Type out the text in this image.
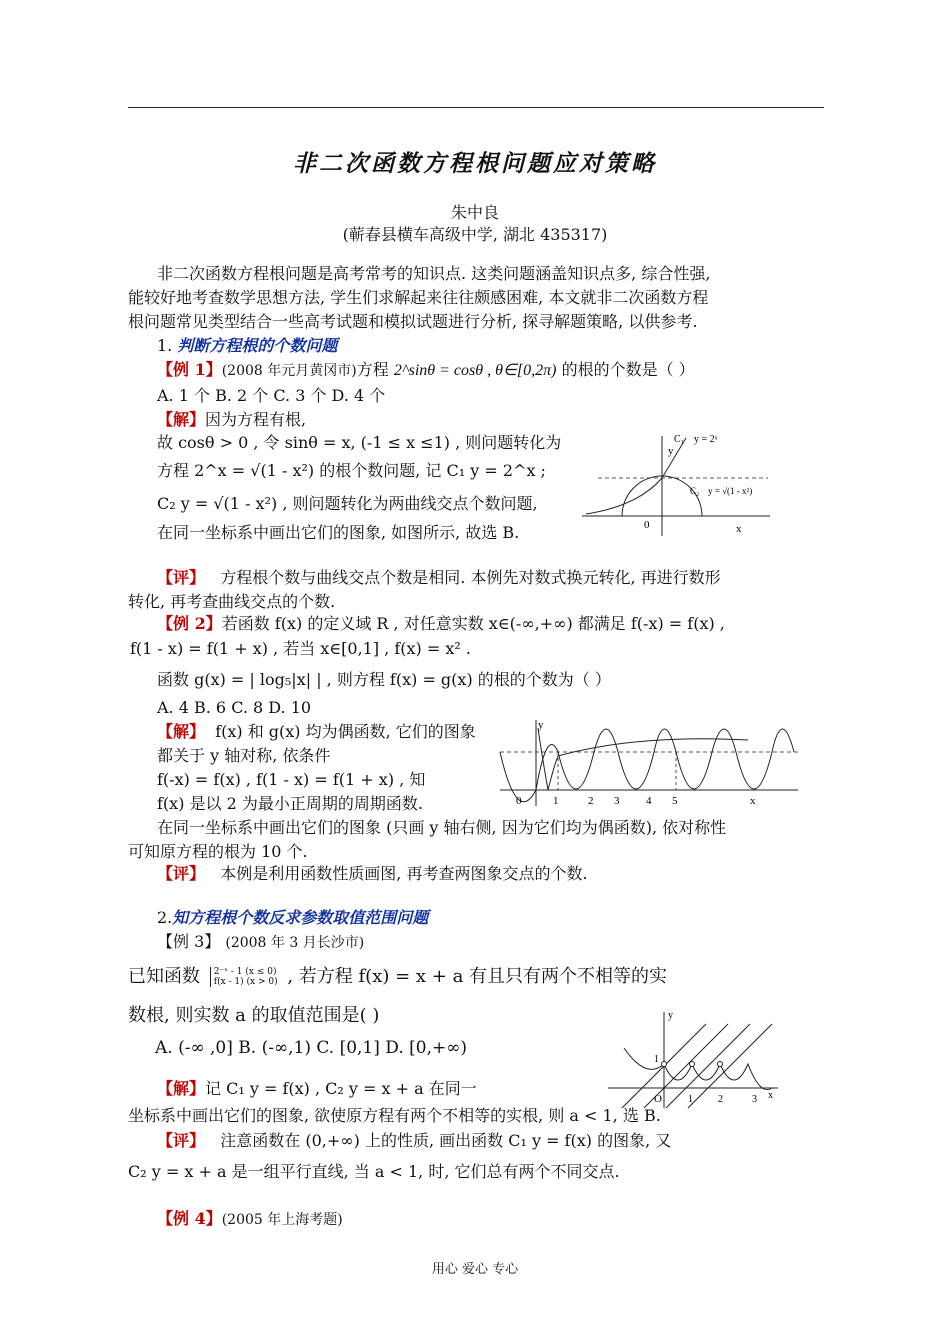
非二次函数方程根问题应对策略
朱中良
(蕲春县横车高级中学, 湖北 435317)
非二次函数方程根问题是高考常考的知识点. 这类问题涵盖知识点多, 综合性强,
能较好地考查数学思想方法, 学生们求解起来往往颇感困难, 本文就非二次函数方程
根问题常见类型结合一些高考试题和模拟试题进行分析, 探寻解题策略, 以供参考.
1. 判断方程根的个数问题
【例 1】(2008 年元月黄冈市)方程 2^sinθ = cosθ , θ∈[0,2π) 的根的个数是（ ）
A. 1 个 B. 2 个 C. 3 个 D. 4 个
【解】因为方程有根,
故 cosθ > 0 , 令 sinθ = x, (-1 ≤ x ≤1) , 则问题转化为
方程 2^x = √(1 - x²) 的根个数问题, 记 C₁ y = 2^x ;
C₂ y = √(1 - x²) , 则问题转化为两曲线交点个数问题,
在同一坐标系中画出它们的图象, 如图所示, 故选 B.
C₁ y = 2ˣ
y
C₂ y = √(1 - x²)
0	x
【评】 方程根个数与曲线交点个数是相同. 本例先对数式换元转化, 再进行数形
转化, 再考查曲线交点的个数.
【例 2】若函数 f(x) 的定义域 R , 对任意实数 x∈(-∞,+∞) 都满足 f(-x) = f(x) ,
f(1 - x) = f(1 + x) , 若当 x∈[0,1] , f(x) = x² .
函数 g(x) = | log₅|x| | , 则方程 f(x) = g(x) 的根的个数为（ ）
A. 4 B. 6 C. 8 D. 10
【解】 f(x) 和 g(x) 均为偶函数, 它们的图象
都关于 y 轴对称, 依条件
f(-x) = f(x) , f(1 - x) = f(1 + x) , 知
f(x) 是以 2 为最小正周期的周期函数.
在同一坐标系中画出它们的图象 (只画 y 轴右侧, 因为它们均为偶函数), 依对称性
可知原方程的根为 10 个.
y
0	1	2 3 4 5	x
【评】 本例是利用函数性质画图, 再考查两图象交点的个数.
2.知方程根个数反求参数取值范围问题
【例 3】 (2008 年 3 月长沙市)
已知函数 2⁻ˣ - 1 (x ≤ 0)
f(x - 1) (x > 0) , 若方程 f(x) = x + a 有且只有两个不相等的实
数根, 则实数 a 的取值范围是( )
A. (-∞ ,0] B. (-∞,1) C. [0,1] D. [0,+∞)
【解】记 C₁ y = f(x) , C₂ y = x + a 在同一
坐标系中画出它们的图象, 欲使原方程有两个不相等的实根, 则 a < 1, 选 B.
y
1
O	1	2	3 x
【评】 注意函数在 (0,+∞) 上的性质, 画出函数 C₁ y = f(x) 的图象, 又
C₂ y = x + a 是一组平行直线, 当 a < 1, 时, 它们总有两个不同交点.
【例 4】(2005 年上海考题)
用心 爱心 专心
